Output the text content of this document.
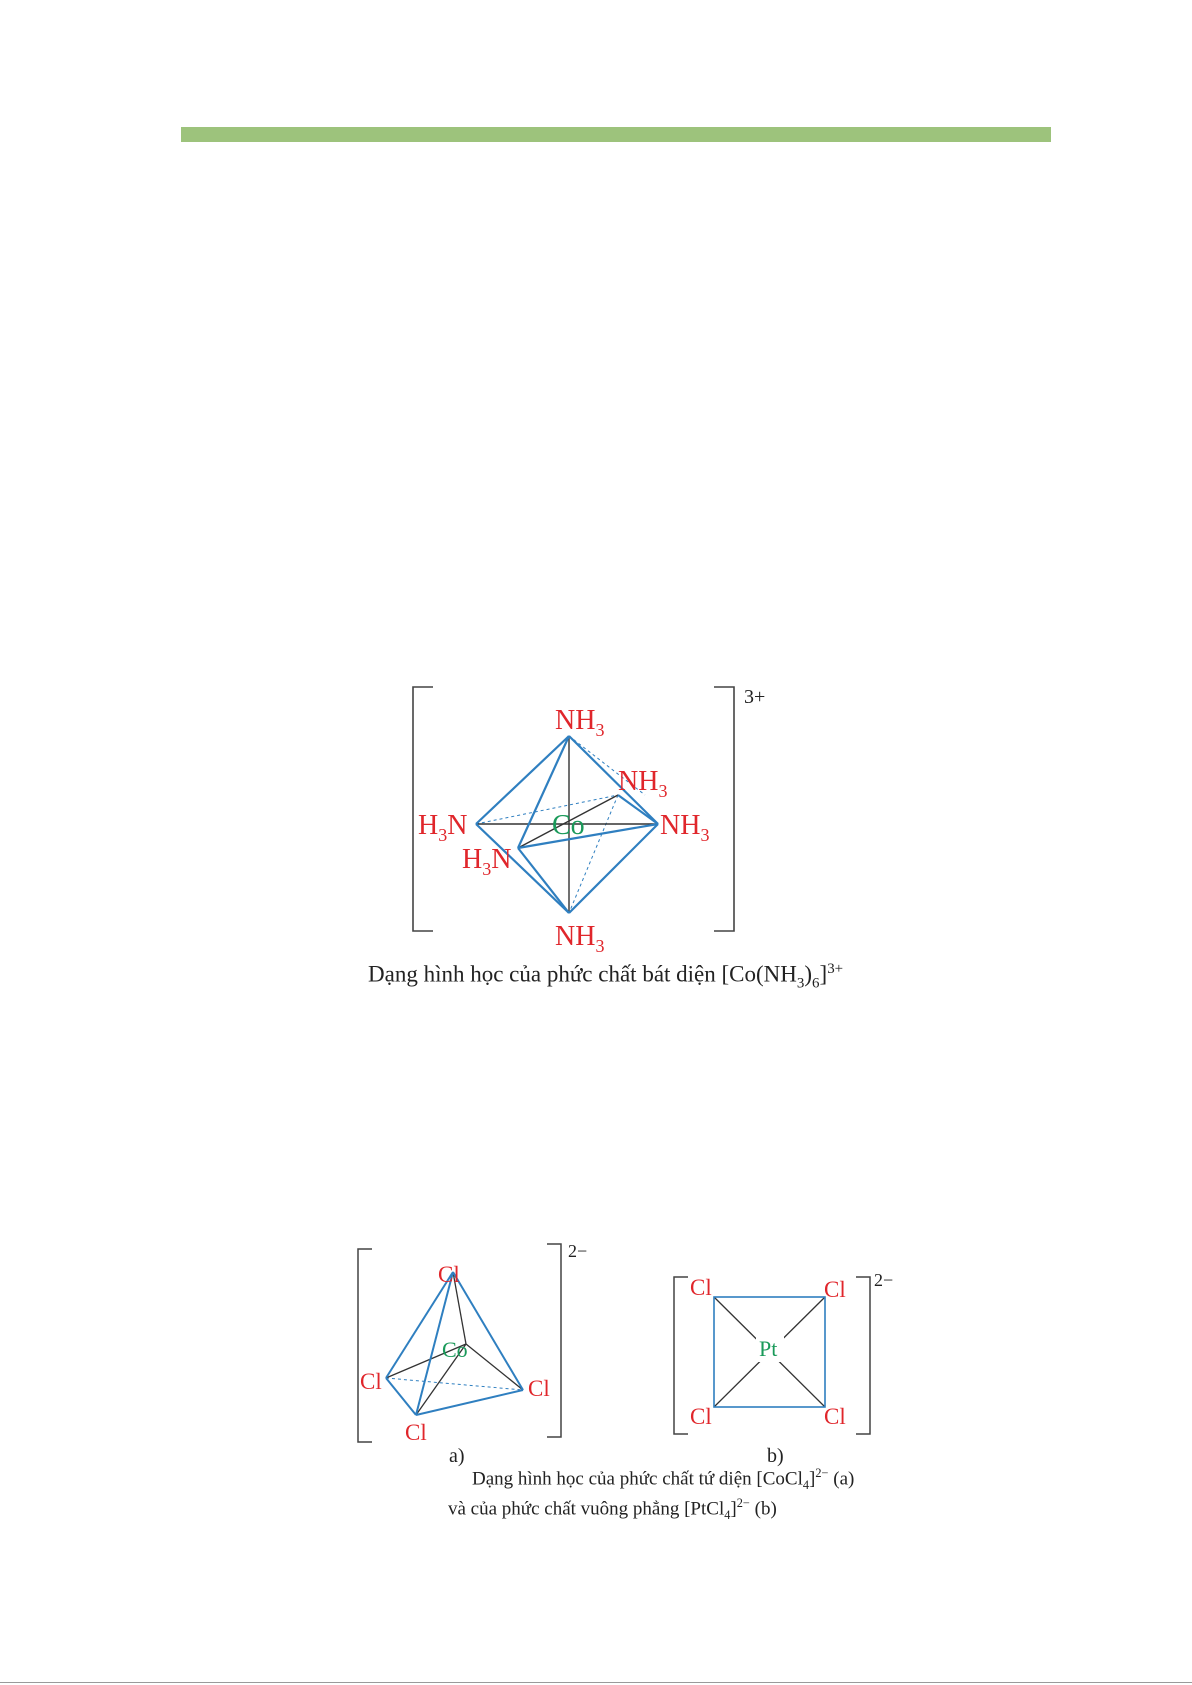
$NH_3$
$NH_3$
$NH_3$
$H_3N$
$H_3N$
$NH_3$
Co
3+
Dạng hình học của phức chất bát diện $[Co(NH_3)_6]^{3+}$
Cl
Cl	Cl
Cl
Co
2−
a)
Cl	Cl
Cl	Cl
Pt
2−
b)
Dạng hình học của phức chất tứ diện [CoCl$_4$]$^{2-}$ (a)
và của phức chất vuông phẳng [PtCl$_4$]$^{2-}$ (b)
